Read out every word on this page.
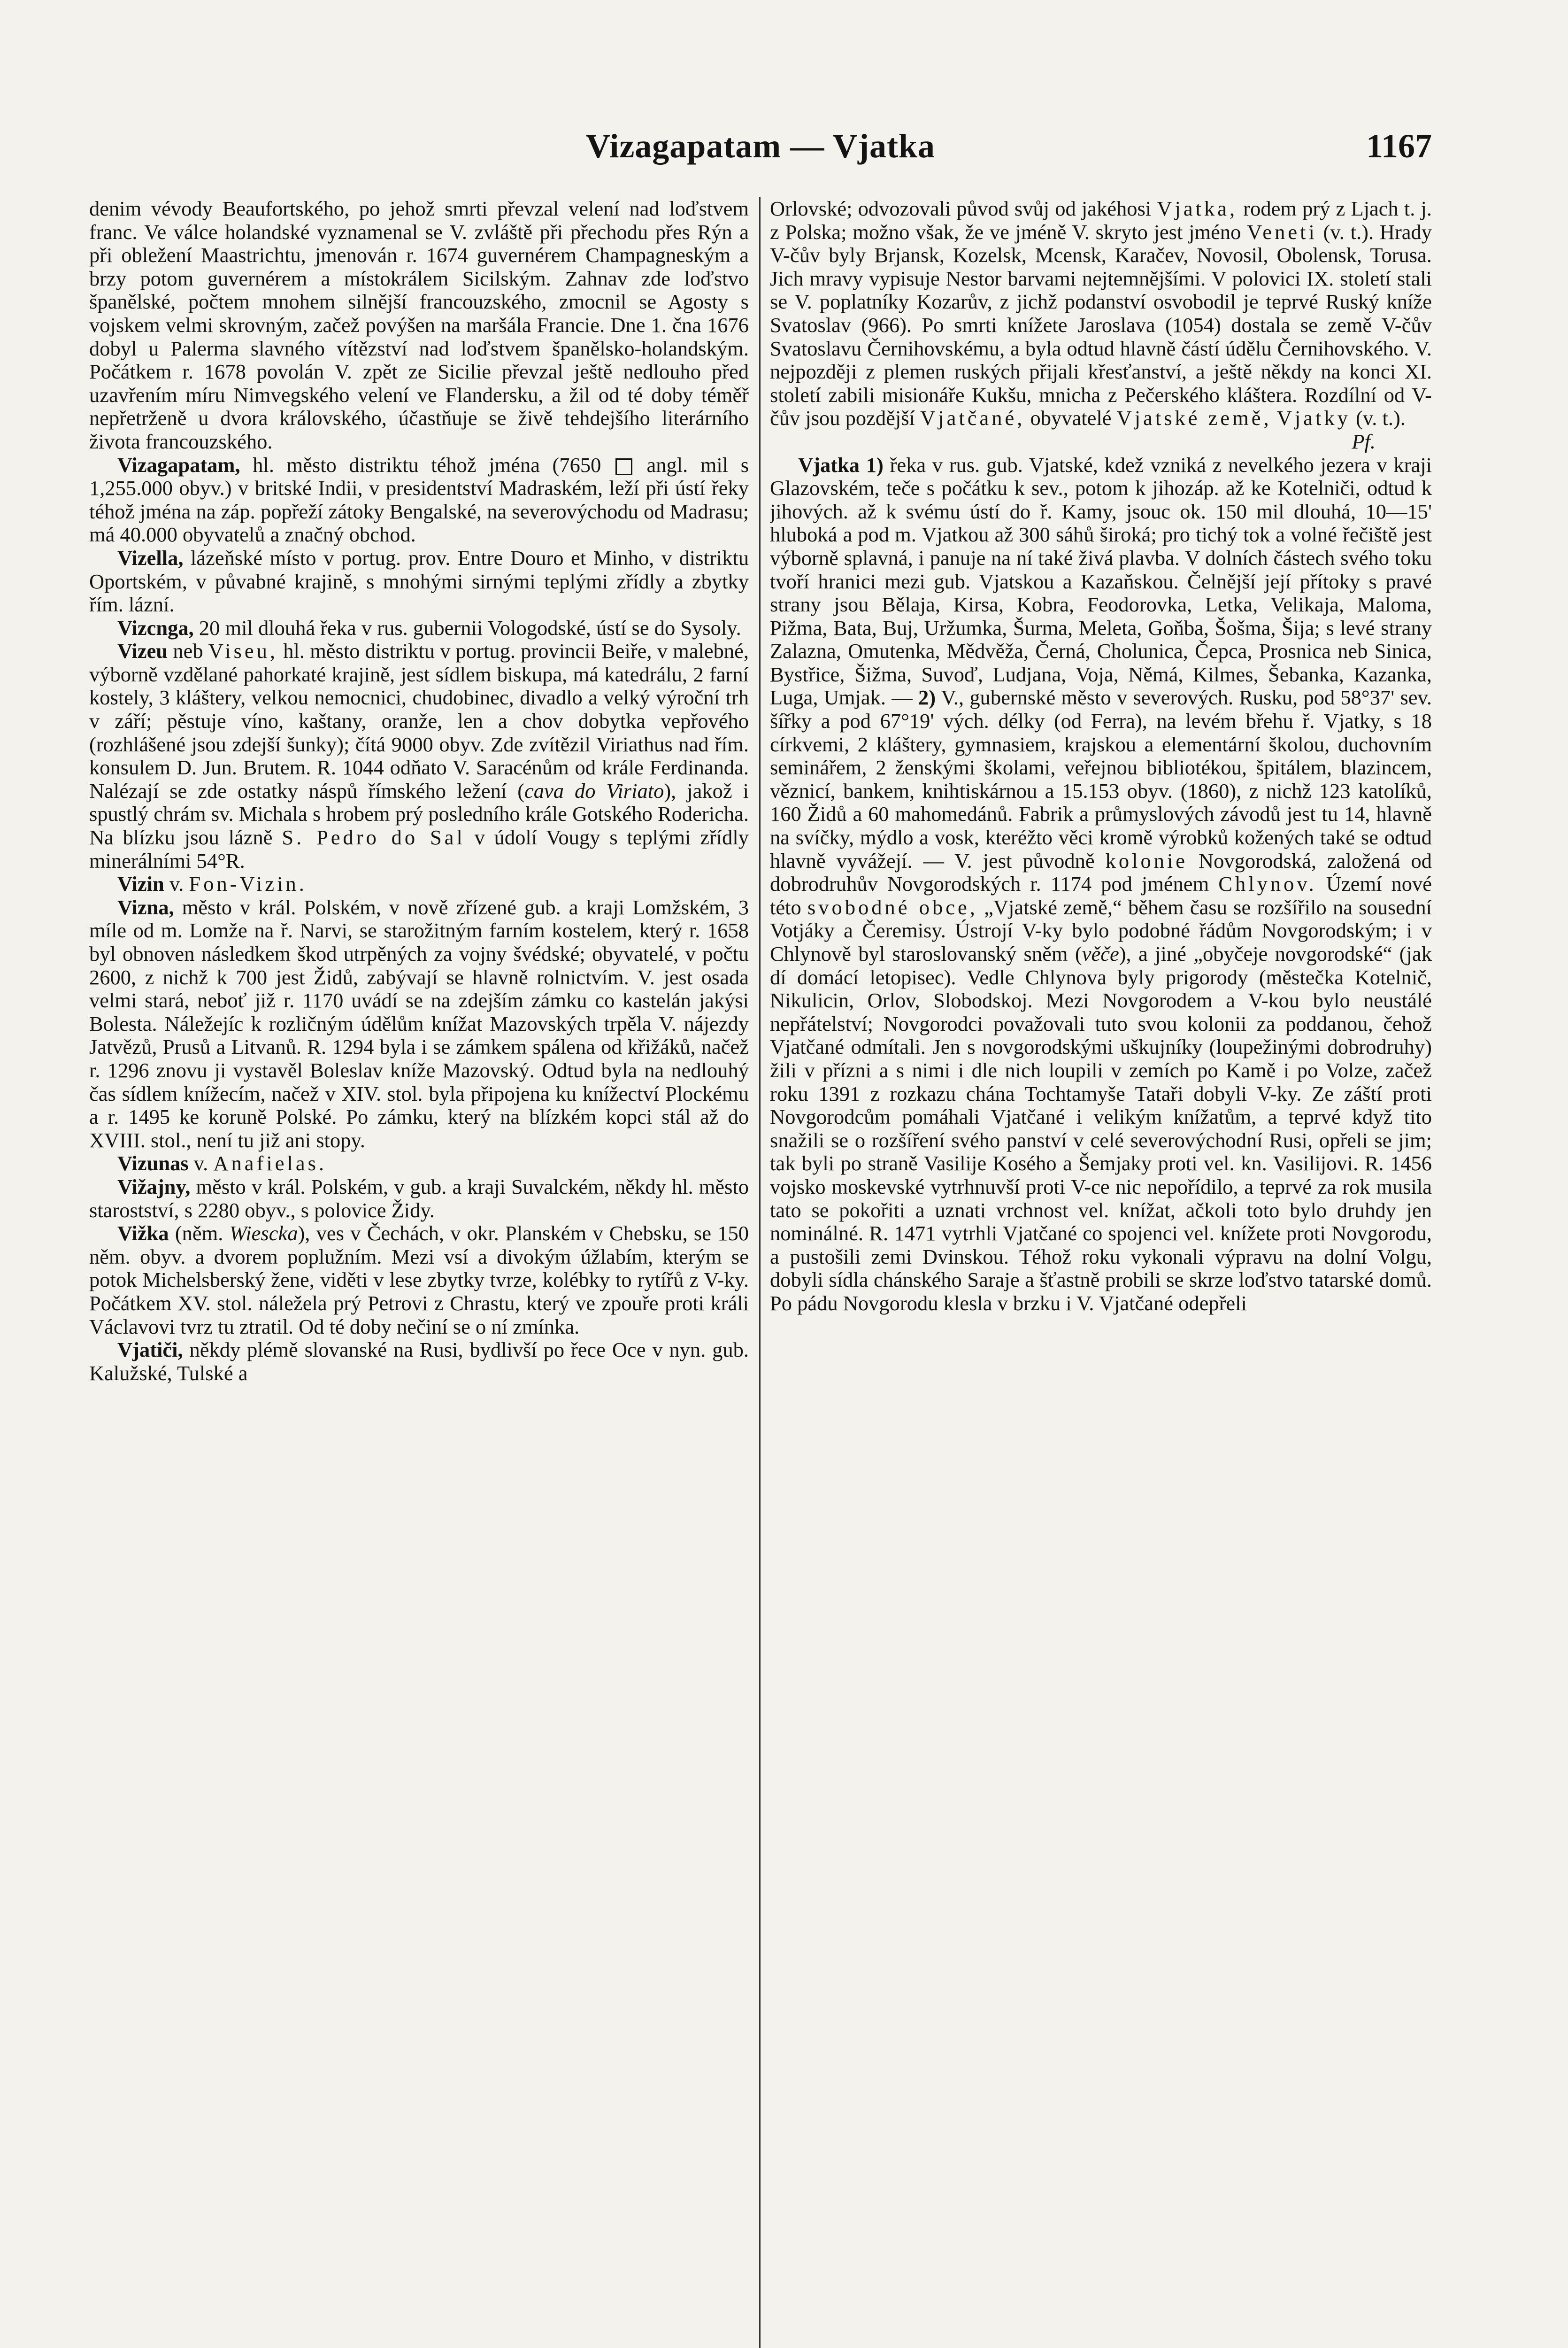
Vizagapatam — Vjatka	1167

denim vévody Beaufortského, po jehož smrti převzal velení nad loďstvem franc. Ve válce holandské vyznamenal se V. zvláště při přechodu přes Rýn a při obležení Maastrichtu, jmenován r. 1674 guvernérem Champagneským a brzy potom guvernérem a místokrálem Sicilským. Zahnav zde loďstvo španělské, počtem mnohem silnější francouzského, zmocnil se Agosty s vojskem velmi skrovným, začež povýšen na maršála Francie. Dne 1. čna 1676 dobyl u Palerma slavného vítězství nad loďstvem španělsko-holandským. Počátkem r. 1678 povolán V. zpět ze Sicilie převzal ještě nedlouho před uzavřením míru Nimvegského velení ve Flandersku, a žil od té doby téměř nepřetrženě u dvora královského, účastňuje se živě tehdejšího literárního života francouzského.

Vizagapatam, hl. město distriktu téhož jména (7650 angl. mil s 1,255.000 obyv.) v britské Indii, v presidentství Madraském, leží při ústí řeky téhož jména na záp. popřeží zátoky Bengalské, na severovýchodu od Madrasu; má 40.000 obyvatelů a značný obchod.

Vizella, lázeňské místo v portug. prov. Entre Douro et Minho, v distriktu Oportském, v půvabné krajině, s mnohými sirnými teplými zřídly a zbytky řím. lázní.

Vizcnga, 20 mil dlouhá řeka v rus. gubernii Vologodské, ústí se do Sysoly.

Vizeu neb Viseu, hl. město distriktu v portug. provincii Beiře, v malebné, výborně vzdělané pahorkaté krajině, jest sídlem biskupa, má katedrálu, 2 farní kostely, 3 kláštery, velkou nemocnici, chudobinec, divadlo a velký výroční trh v září; pěstuje víno, kaštany, oranže, len a chov dobytka vepřového (rozhlášené jsou zdejší šunky); čítá 9000 obyv. Zde zvítězil Viriathus nad řím. konsulem D. Jun. Brutem. R. 1044 odňato V. Saracénům od krále Ferdinanda. Nalézají se zde ostatky náspů římského ležení (cava do Viriato), jakož i spustlý chrám sv. Michala s hrobem prý posledního krále Gotského Rodericha. Na blízku jsou lázně S. Pedro do Sal v údolí Vougy s teplými zřídly minerálními 54°R.

Vizin v. Fon-Vizin.

Vizna, město v král. Polském, v nově zřízené gub. a kraji Lomžském, 3 míle od m. Lomže na ř. Narvi, se starožitným farním kostelem, který r. 1658 byl obnoven následkem škod utrpěných za vojny švédské; obyvatelé, v počtu 2600, z nichž k 700 jest Židů, zabývají se hlavně rolnictvím. V. jest osada velmi stará, neboť již r. 1170 uvádí se na zdejším zámku co kastelán jakýsi Bolesta. Náležejíc k rozličným údělům knížat Mazovských trpěla V. nájezdy Jatvězů, Prusů a Litvanů. R. 1294 byla i se zámkem spálena od křižáků, načež r. 1296 znovu ji vystavěl Boleslav kníže Mazovský. Odtud byla na nedlouhý čas sídlem knížecím, načež v XIV. stol. byla připojena ku knížectví Plockému a r. 1495 ke koruně Polské. Po zámku, který na blízkém kopci stál až do XVIII. stol., není tu již ani stopy.

Vizunas v. Anafielas.

Vižajny, město v král. Polském, v gub. a kraji Suvalckém, někdy hl. město starostství, s 2280 obyv., s polovice Židy.

Vižka (něm. Wiescka), ves v Čechách, v okr. Planském v Chebsku, se 150 něm. obyv. a dvorem poplužním. Mezi vsí a divokým úžlabím, kterým se potok Michelsberský žene, viděti v lese zbytky tvrze, kolébky to rytířů z V-ky. Počátkem XV. stol. náležela prý Petrovi z Chrastu, který ve zpouře proti králi Václavovi tvrz tu ztratil. Od té doby nečiní se o ní zmínka.

Vjatiči, někdy plémě slovanské na Rusi, bydlivší po řece Oce v nyn. gub. Kalužské, Tulské a

Orlovské; odvozovali původ svůj od jakéhosi Vjatka, rodem prý z Ljach t. j. z Polska; možno však, že ve jméně V. skryto jest jméno Veneti (v. t.). Hrady V-čův byly Brjansk, Kozelsk, Mcensk, Karačev, Novosil, Obolensk, Torusa. Jich mravy vypisuje Nestor barvami nejtemnějšími. V polovici IX. století stali se V. poplatníky Kozarův, z jichž podanství osvobodil je teprvé Ruský kníže Svatoslav (966). Po smrti knížete Jaroslava (1054) dostala se země V-čův Svatoslavu Černihovskému, a byla odtud hlavně částí údělu Černihovského. V. nejpozději z plemen ruských přijali křesťanství, a ještě někdy na konci XI. století zabili misionáře Kukšu, mnicha z Pečerského kláštera. Rozdílní od V-čův jsou pozdější Vjatčané, obyvatelé Vjatské země, Vjatky (v. t.).
Pf.

Vjatka 1) řeka v rus. gub. Vjatské, kdež vzniká z nevelkého jezera v kraji Glazovském, teče s počátku k sev., potom k jihozáp. až ke Kotelniči, odtud k jihových. až k svému ústí do ř. Kamy, jsouc ok. 150 mil dlouhá, 10—15' hluboká a pod m. Vjatkou až 300 sáhů široká; pro tichý tok a volné řečiště jest výborně splavná, i panuje na ní také živá plavba. V dolních částech svého toku tvoří hranici mezi gub. Vjatskou a Kazaňskou. Čelnější její přítoky s pravé strany jsou Bělaja, Kirsa, Kobra, Feodorovka, Letka, Velikaja, Maloma, Pižma, Bata, Buj, Uržumka, Šurma, Meleta, Goňba, Šošma, Šija; s levé strany Zalazna, Omutenka, Mědvěža, Černá, Cholunica, Čepca, Prosnica neb Sinica, Bystřice, Šižma, Suvoď, Ludjana, Voja, Němá, Kilmes, Šebanka, Kazanka, Luga, Umjak. — 2) V., gubernské město v severových. Rusku, pod 58°37' sev. šířky a pod 67°19' vých. délky (od Ferra), na levém břehu ř. Vjatky, s 18 církvemi, 2 kláštery, gymnasiem, krajskou a elementární školou, duchovním seminářem, 2 ženskými školami, veřejnou bibliotékou, špitálem, blazincem, věznicí, bankem, knihtiskárnou a 15.153 obyv. (1860), z nichž 123 katolíků, 160 Židů a 60 mahomedánů. Fabrik a průmyslových závodů jest tu 14, hlavně na svíčky, mýdlo a vosk, kteréžto věci kromě výrobků kožených také se odtud hlavně vyvážejí. — V. jest původně kolonie Novgorodská, založená od dobrodruhův Novgorodských r. 1174 pod jménem Chlynov. Území nové této svobodné obce, „Vjatské země,“ během času se rozšířilo na sousední Votjáky a Čeremisy. Ústrojí V-ky bylo podobné řádům Novgorodským; i v Chlynově byl staroslovanský sněm (věče), a jiné „obyčeje novgorodské“ (jak dí domácí letopisec). Vedle Chlynova byly prigorody (městečka Kotelnič, Nikulicin, Orlov, Slobodskoj. Mezi Novgorodem a V-kou bylo neustálé nepřátelství; Novgorodci považovali tuto svou kolonii za poddanou, čehož Vjatčané odmítali. Jen s novgorodskými uškujníky (loupežinými dobrodruhy) žili v přízni a s nimi i dle nich loupili v zemích po Kamě i po Volze, začež roku 1391 z rozkazu chána Tochtamyše Tataři dobyli V-ky. Ze záští proti Novgorodcům pomáhali Vjatčané i velikým knížatům, a teprvé když tito snažili se o rozšíření svého panství v celé severovýchodní Rusi, opřeli se jim; tak byli po straně Vasilije Kosého a Šemjaky proti vel. kn. Vasilijovi. R. 1456 vojsko moskevské vytrhnuvší proti V-ce nic nepořídilo, a teprvé za rok musila tato se pokořiti a uznati vrchnost vel. knížat, ačkoli toto bylo druhdy jen nominálné. R. 1471 vytrhli Vjatčané co spojenci vel. knížete proti Novgorodu, a pustošili zemi Dvinskou. Téhož roku vykonali výpravu na dolní Volgu, dobyli sídla chánského Saraje a šťastně probili se skrze loďstvo tatarské domů. Po pádu Novgorodu klesla v brzku i V. Vjatčané odepřeli
